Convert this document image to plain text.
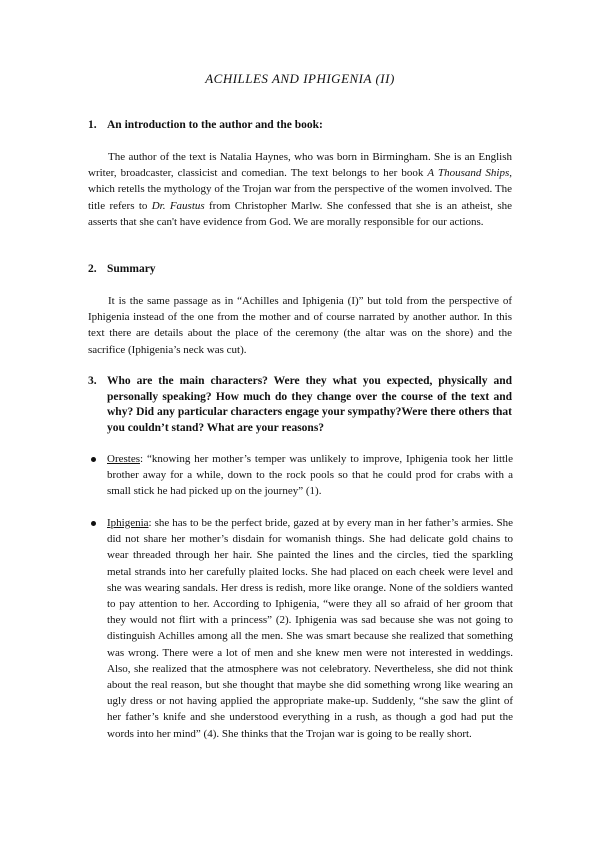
ACHILLES AND IPHIGENIA (II)
1. An introduction to the author and the book:

The author of the text is Natalia Haynes, who was born in Birmingham. She is an English writer, broadcaster, classicist and comedian. The text belongs to her book A Thousand Ships, which retells the mythology of the Trojan war from the perspective of the women involved. The title refers to Dr. Faustus from Christopher Marlw. She confessed that she is an atheist, she asserts that she can't have evidence from God. We are morally responsible for our actions.

2. Summary

It is the same passage as in “Achilles and Iphigenia (I)” but told from the perspective of Iphigenia instead of the one from the mother and of course narrated by another author. In this text there are details about the place of the ceremony (the altar was on the shore) and the sacrifice (Iphigenia’s neck was cut).

3. Who are the main characters? Were they what you expected, physically and personally speaking? How much do they change over the course of the text and why? Did any particular characters engage your sympathy?Were there others that you couldn’t stand? What are your reasons?

Orestes: “knowing her mother’s temper was unlikely to improve, Iphigenia took her little brother away for a while, down to the rock pools so that he could prod for crabs with a small stick he had picked up on the journey” (1).

Iphigenia: she has to be the perfect bride, gazed at by every man in her father’s armies. She did not share her mother’s disdain for womanish things. She had delicate gold chains to wear threaded through her hair. She painted the lines and the circles, tied the sparkling metal strands into her carefully plaited locks. She had placed on each cheek were level and she was wearing sandals. Her dress is redish, more like orange. None of the soldiers wanted to pay attention to her. According to Iphigenia, “were they all so afraid of her groom that they would not flirt with a princess” (2). Iphigenia was sad because she was not going to distinguish Achilles among all the men. She was smart because she realized that something was wrong. There were a lot of men and she knew men were not interested in weddings. Also, she realized that the atmosphere was not celebratory. Nevertheless, she did not think about the real reason, but she thought that maybe she did something wrong like wearing an ugly dress or not having applied the appropriate make-up. Suddenly, “she saw the glint of her father’s knife and she understood everything in a rush, as though a god had put the words into her mind” (4). She thinks that the Trojan war is going to be really short.
